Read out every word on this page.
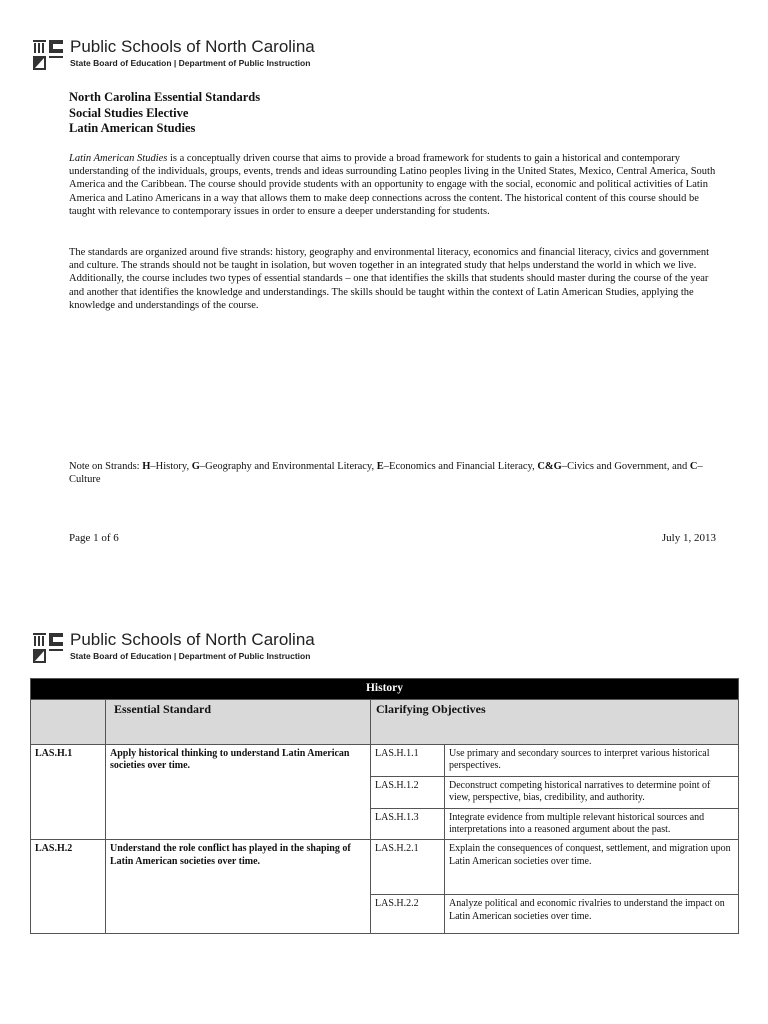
Public Schools of North Carolina
State Board of Education | Department of Public Instruction
North Carolina Essential Standards
Social Studies Elective
Latin American Studies
Latin American Studies is a conceptually driven course that aims to provide a broad framework for students to gain a historical and contemporary understanding of the individuals, groups, events, trends and ideas surrounding Latino peoples living in the United States, Mexico, Central America, South America and the Caribbean. The course should provide students with an opportunity to engage with the social, economic and political activities of Latin America and Latino Americans in a way that allows them to make deep connections across the content. The historical content of this course should be taught with relevance to contemporary issues in order to ensure a deeper understanding for students.
The standards are organized around five strands: history, geography and environmental literacy, economics and financial literacy, civics and government and culture. The strands should not be taught in isolation, but woven together in an integrated study that helps understand the world in which we live. Additionally, the course includes two types of essential standards – one that identifies the skills that students should master during the course of the year and another that identifies the knowledge and understandings. The skills should be taught within the context of Latin American Studies, applying the knowledge and understandings of the course.
Note on Strands: H–History, G–Geography and Environmental Literacy, E–Economics and Financial Literacy, C&G–Civics and Government, and C–Culture
Page 1 of 6	July 1, 2013
Public Schools of North Carolina
State Board of Education | Department of Public Instruction
History			
	Essential Standard	Clarifying Objectives	
LAS.H.1	Apply historical thinking to understand Latin American societies over time.	LAS.H.1.1	Use primary and secondary sources to interpret various historical perspectives.
		LAS.H.1.2	Deconstruct competing historical narratives to determine point of view, perspective, bias, credibility, and authority.
		LAS.H.1.3	Integrate evidence from multiple relevant historical sources and interpretations into a reasoned argument about the past.
LAS.H.2	Understand the role conflict has played in the shaping of Latin American societies over time.	LAS.H.2.1	Explain the consequences of conquest, settlement, and migration upon Latin American societies over time.
		LAS.H.2.2	Analyze political and economic rivalries to understand the impact on Latin American societies over time.
